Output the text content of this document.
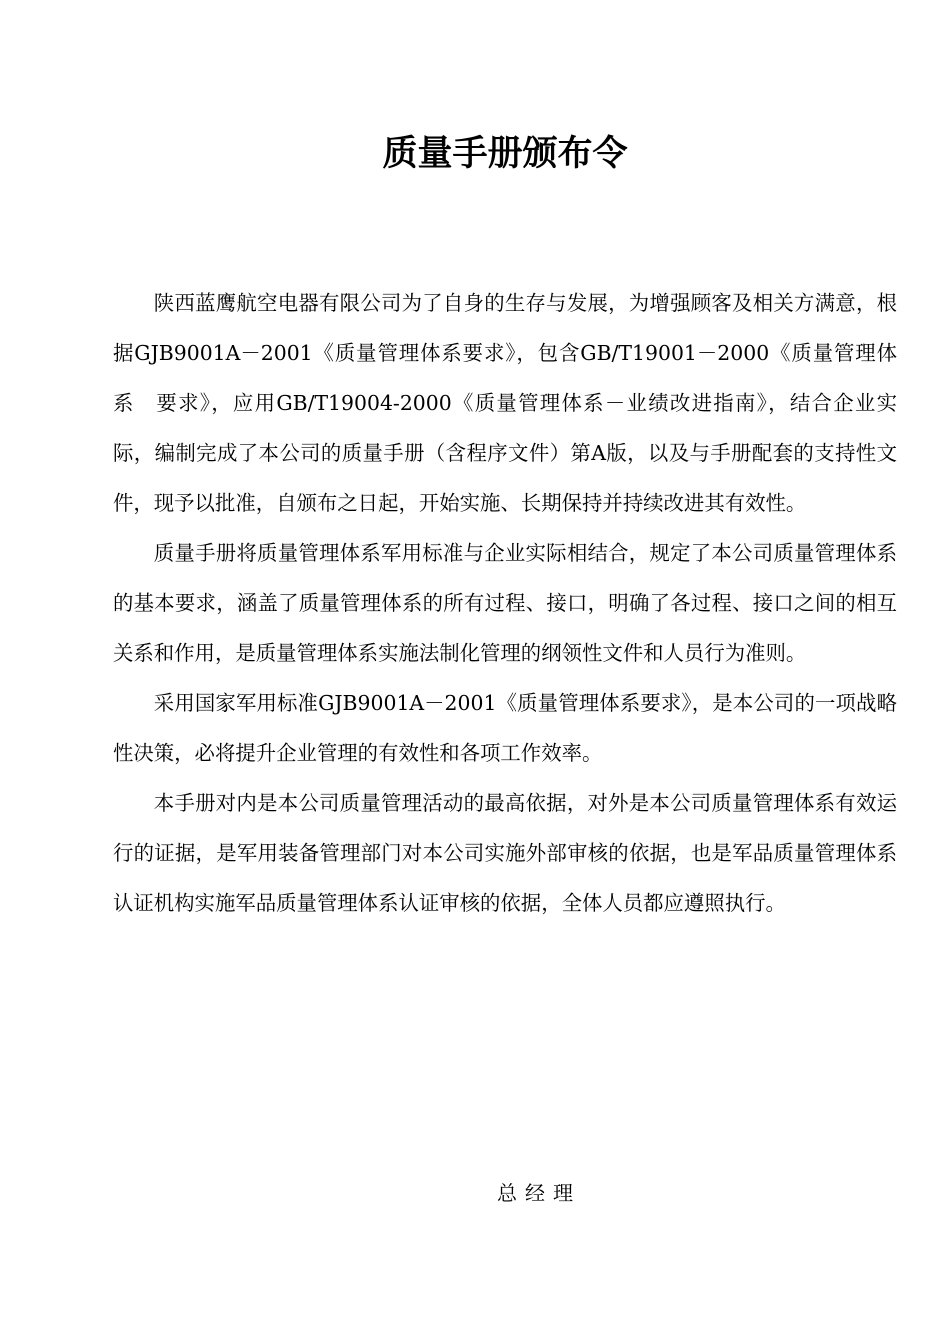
质量手册颁布令

陕西蓝鹰航空电器有限公司为了自身的生存与发展，为增强顾客及相关方满意，根据GJB9001A－2001《质量管理体系要求》，包含GB/T19001－2000《质量管理体系　要求》，应用GB/T19004-2000《质量管理体系－业绩改进指南》，结合企业实际，编制完成了本公司的质量手册（含程序文件）第A版，以及与手册配套的支持性文件，现予以批准，自颁布之日起，开始实施、长期保持并持续改进其有效性。

质量手册将质量管理体系军用标准与企业实际相结合，规定了本公司质量管理体系的基本要求，涵盖了质量管理体系的所有过程、接口，明确了各过程、接口之间的相互关系和作用，是质量管理体系实施法制化管理的纲领性文件和人员行为准则。

采用国家军用标准GJB9001A－2001《质量管理体系要求》，是本公司的一项战略性决策，必将提升企业管理的有效性和各项工作效率。

本手册对内是本公司质量管理活动的最高依据，对外是本公司质量管理体系有效运行的证据，是军用装备管理部门对本公司实施外部审核的依据，也是军品质量管理体系认证机构实施军品质量管理体系认证审核的依据，全体人员都应遵照执行。

总经理
